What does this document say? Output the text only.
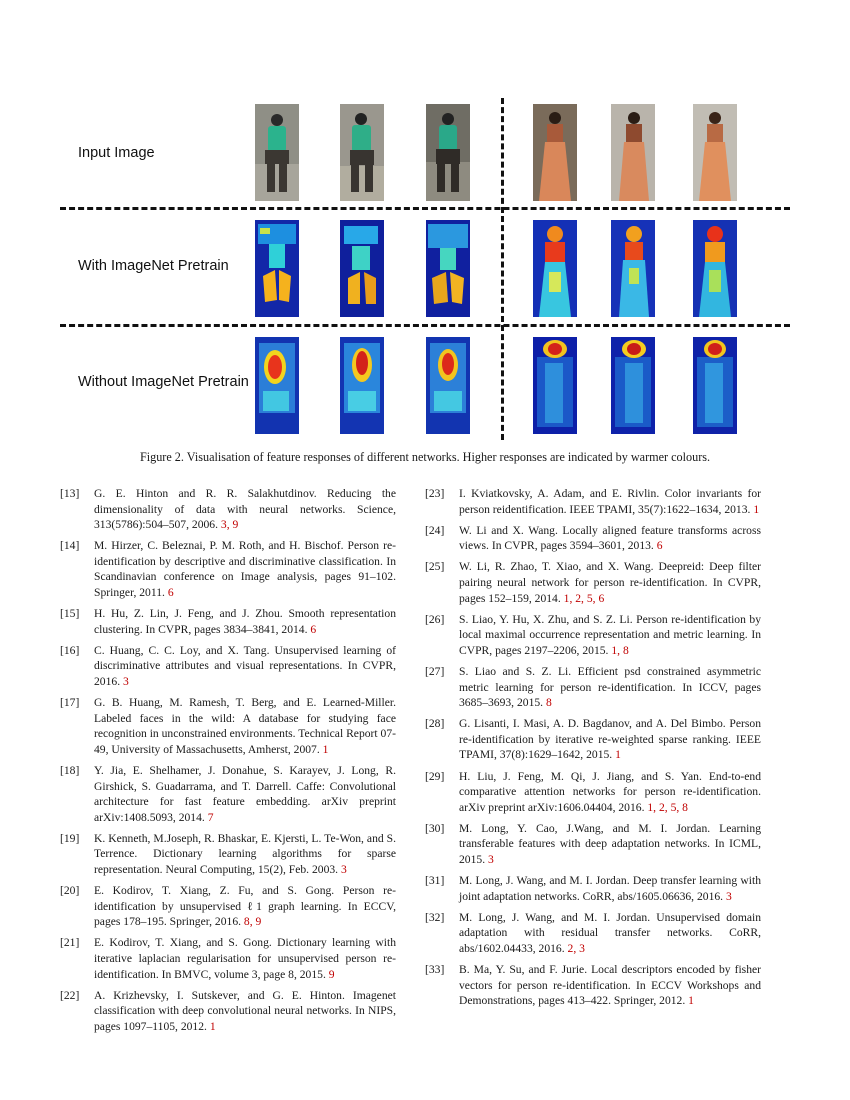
Input Image
With ImageNet Pretrain
Without ImageNet Pretrain
Figure 2. Visualisation of feature responses of different networks. Higher responses are indicated by warmer colours.

[13] G. E. Hinton and R. R. Salakhutdinov. Reducing the dimensionality of data with neural networks. Science, 313(5786):504–507, 2006. 3, 9

[14] M. Hirzer, C. Beleznai, P. M. Roth, and H. Bischof. Person re-identification by descriptive and discriminative classification. In Scandinavian conference on Image analysis, pages 91–102. Springer, 2011. 6

[15] H. Hu, Z. Lin, J. Feng, and J. Zhou. Smooth representation clustering. In CVPR, pages 3834–3841, 2014. 6

[16] C. Huang, C. C. Loy, and X. Tang. Unsupervised learning of discriminative attributes and visual representations. In CVPR, 2016. 3

[17] G. B. Huang, M. Ramesh, T. Berg, and E. Learned-Miller. Labeled faces in the wild: A database for studying face recognition in unconstrained environments. Technical Report 07-49, University of Massachusetts, Amherst, 2007. 1

[18] Y. Jia, E. Shelhamer, J. Donahue, S. Karayev, J. Long, R. Girshick, S. Guadarrama, and T. Darrell. Caffe: Convolutional architecture for fast feature embedding. arXiv preprint arXiv:1408.5093, 2014. 7

[19] K. Kenneth, M.Joseph, R. Bhaskar, E. Kjersti, L. Te-Won, and S. Terrence. Dictionary learning algorithms for sparse representation. Neural Computing, 15(2), Feb. 2003. 3

[20] E. Kodirov, T. Xiang, Z. Fu, and S. Gong. Person re-identification by unsupervised ℓ1 graph learning. In ECCV, pages 178–195. Springer, 2016. 8, 9

[21] E. Kodirov, T. Xiang, and S. Gong. Dictionary learning with iterative laplacian regularisation for unsupervised person re-identification. In BMVC, volume 3, page 8, 2015. 9

[22] A. Krizhevsky, I. Sutskever, and G. E. Hinton. Imagenet classification with deep convolutional neural networks. In NIPS, pages 1097–1105, 2012. 1

[23] I. Kviatkovsky, A. Adam, and E. Rivlin. Color invariants for person reidentification. IEEE TPAMI, 35(7):1622–1634, 2013. 1

[24] W. Li and X. Wang. Locally aligned feature transforms across views. In CVPR, pages 3594–3601, 2013. 6

[25] W. Li, R. Zhao, T. Xiao, and X. Wang. Deepreid: Deep filter pairing neural network for person re-identification. In CVPR, pages 152–159, 2014. 1, 2, 5, 6

[26] S. Liao, Y. Hu, X. Zhu, and S. Z. Li. Person re-identification by local maximal occurrence representation and metric learning. In CVPR, pages 2197–2206, 2015. 1, 8

[27] S. Liao and S. Z. Li. Efficient psd constrained asymmetric metric learning for person re-identification. In ICCV, pages 3685–3693, 2015. 8

[28] G. Lisanti, I. Masi, A. D. Bagdanov, and A. Del Bimbo. Person re-identification by iterative re-weighted sparse ranking. IEEE TPAMI, 37(8):1629–1642, 2015. 1

[29] H. Liu, J. Feng, M. Qi, J. Jiang, and S. Yan. End-to-end comparative attention networks for person re-identification. arXiv preprint arXiv:1606.04404, 2016. 1, 2, 5, 8

[30] M. Long, Y. Cao, J.Wang, and M. I. Jordan. Learning transferable features with deep adaptation networks. In ICML, 2015. 3

[31] M. Long, J. Wang, and M. I. Jordan. Deep transfer learning with joint adaptation networks. CoRR, abs/1605.06636, 2016. 3

[32] M. Long, J. Wang, and M. I. Jordan. Unsupervised domain adaptation with residual transfer networks. CoRR, abs/1602.04433, 2016. 2, 3

[33] B. Ma, Y. Su, and F. Jurie. Local descriptors encoded by fisher vectors for person re-identification. In ECCV Workshops and Demonstrations, pages 413–422. Springer, 2012. 1
